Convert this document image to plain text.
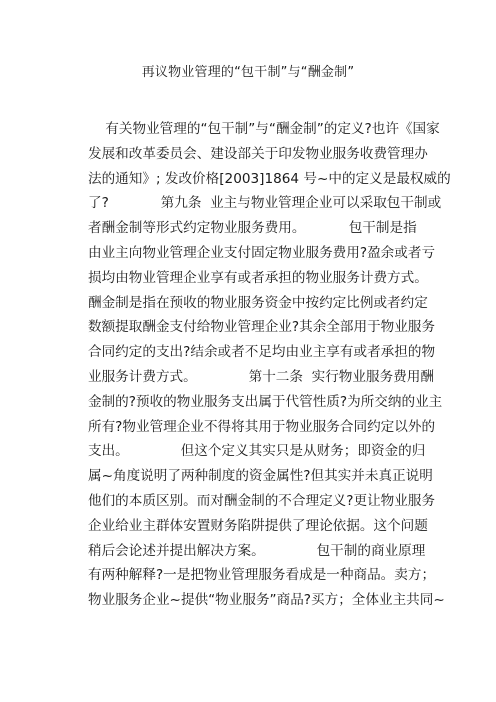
再议物业管理的“包干制”与“酬金制”
有关物业管理的“包干制”与“酬金制”的定义?也许《国家
发展和改革委员会、建设部关于印发物业服务收费管理办
法的通知》; 发改价格[2003]1864 号~中的定义是最权威的
了?            第九条  业主与物业管理企业可以采取包干制或
者酬金制等形式约定物业服务费用。          包干制是指
由业主向物业管理企业支付固定物业服务费用?盈余或者亏
损均由物业管理企业享有或者承担的物业服务计费方式。
酬金制是指在预收的物业服务资金中按约定比例或者约定
数额提取酬金支付给物业管理企业?其余全部用于物业服务
合同约定的支出?结余或者不足均由业主享有或者承担的物
业服务计费方式。            第十二条  实行物业服务费用酬
金制的?预收的物业服务支出属于代管性质?为所交纳的业主
所有?物业管理企业不得将其用于物业服务合同约定以外的
支出。            但这个定义其实只是从财务；即资金的归
属~角度说明了两种制度的资金属性?但其实并未真正说明
他们的本质区别。而对酬金制的不合理定义?更让物业服务
企业给业主群体安置财务陷阱提供了理论依据。这个问题
稍后会论述并提出解决方案。            包干制的商业原理
有两种解释?一是把物业管理服务看成是一种商品。卖方；
物业服务企业~提供“物业服务”商品?买方；全体业主共同~
